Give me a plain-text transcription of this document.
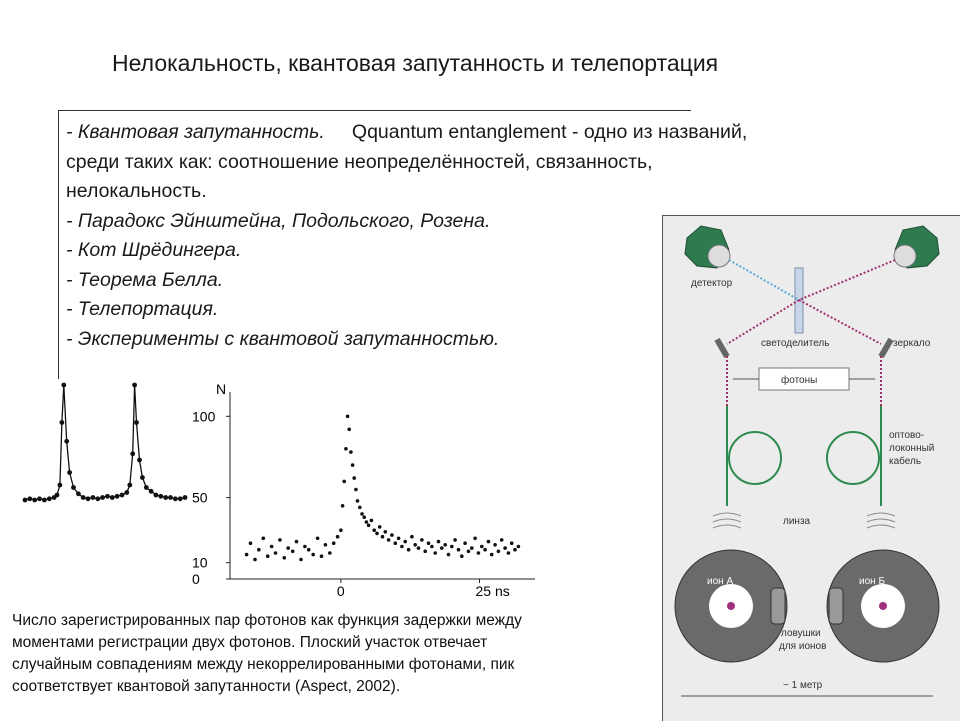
Нелокальность, квантовая запутанность и телепортация
- Квантовая запутанность. Qquantum entanglement - одно из названий,
среди таких как: соотношение неопределённостей, связанность,
нелокальность.
- Парадокс Эйнштейна, Подольского, Розена.
- Кот Шрёдингера.
- Теорема Белла.
- Телепортация.
- Эксперименты с квантовой запутанностью.
детектор
светоделитель	зеркало
фотоны
оптово-
локонный
кабель
линза
ион А	ион Б
ловушки
для ионов
~ 1 метр
N
100
50
10
0
0	25 ns
Число зарегистрированных пар фотонов как функция задержки между
моментами регистрации двух фотонов. Плоский участок отвечает
случайным совпадениям между некоррелированными фотонами, пик
соответствует квантовой запутанности (Aspect, 2002).
